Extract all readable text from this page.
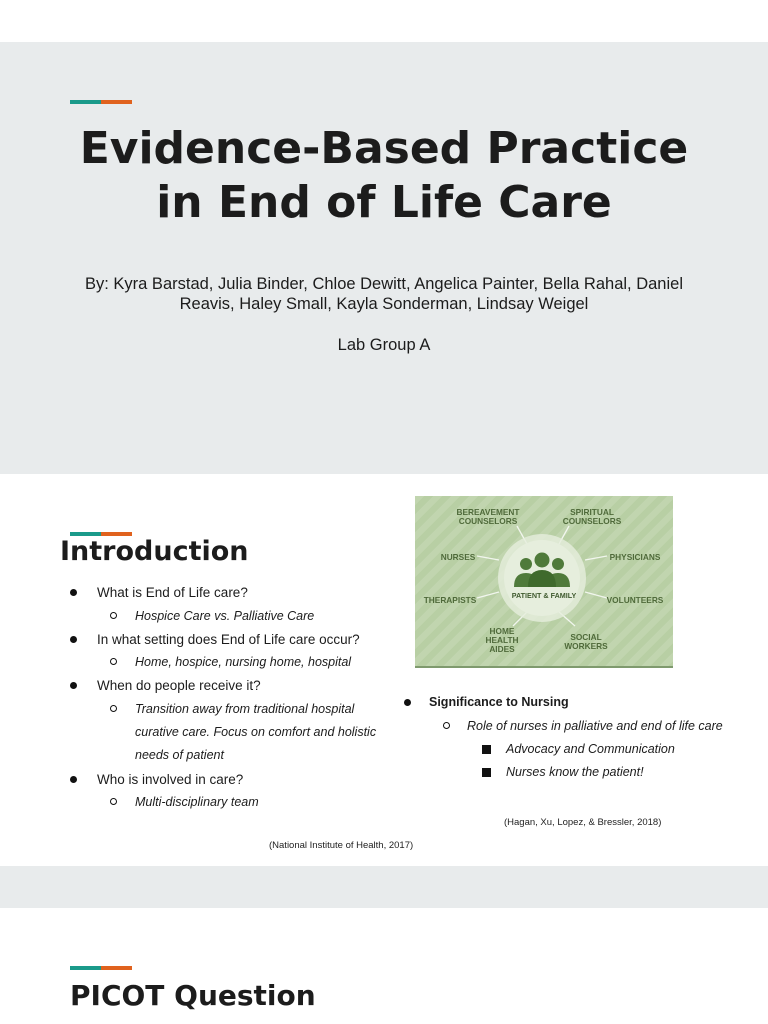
Evidence-Based Practice
in End of Life Care
By: Kyra Barstad, Julia Binder, Chloe Dewitt, Angelica Painter, Bella Rahal, Daniel
Reavis, Haley Small, Kayla Sonderman, Lindsay Weigel
Lab Group A
Introduction
What is End of Life care?
Hospice Care vs. Palliative Care
In what setting does End of Life care occur?
Home, hospice, nursing home, hospital
When do people receive it?
Transition away from traditional hospital
curative care. Focus on comfort and holistic
needs of patient
Who is involved in care?
Multi-disciplinary team
(National Institute of Health, 2017)
PATIENT & FAMILY
BEREAVEMENT
COUNSELORS
SPIRITUAL
COUNSELORS
NURSES	PHYSICIANS
THERAPISTS	VOLUNTEERS
HOME
HEALTH
AIDES
SOCIAL
WORKERS
Significance to Nursing
Role of nurses in palliative and end of life care
Advocacy and Communication
Nurses know the patient!
(Hagan, Xu, Lopez, & Bressler, 2018)
PICOT Question
